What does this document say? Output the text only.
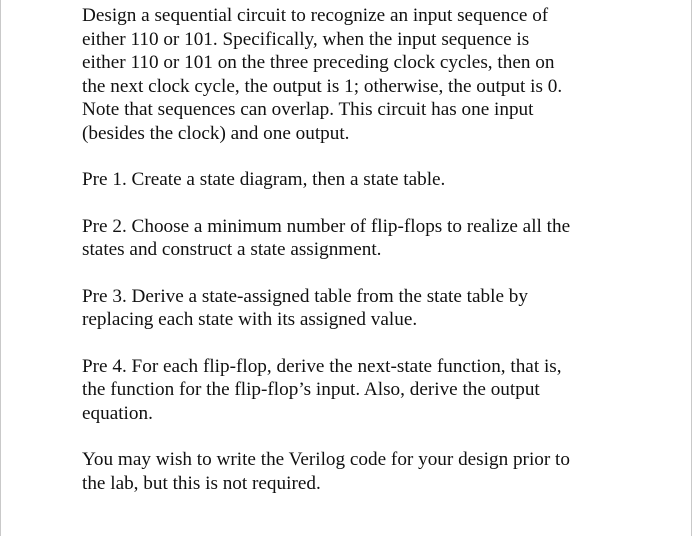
Design a sequential circuit to recognize an input sequence of
either 110 or 101. Specifically, when the input sequence is
either 110 or 101 on the three preceding clock cycles, then on
the next clock cycle, the output is 1; otherwise, the output is 0.
Note that sequences can overlap. This circuit has one input
(besides the clock) and one output.

Pre 1. Create a state diagram, then a state table.

Pre 2. Choose a minimum number of flip-flops to realize all the
states and construct a state assignment.

Pre 3. Derive a state-assigned table from the state table by
replacing each state with its assigned value.

Pre 4. For each flip-flop, derive the next-state function, that is,
the function for the flip-flop’s input. Also, derive the output
equation.

You may wish to write the Verilog code for your design prior to
the lab, but this is not required.
